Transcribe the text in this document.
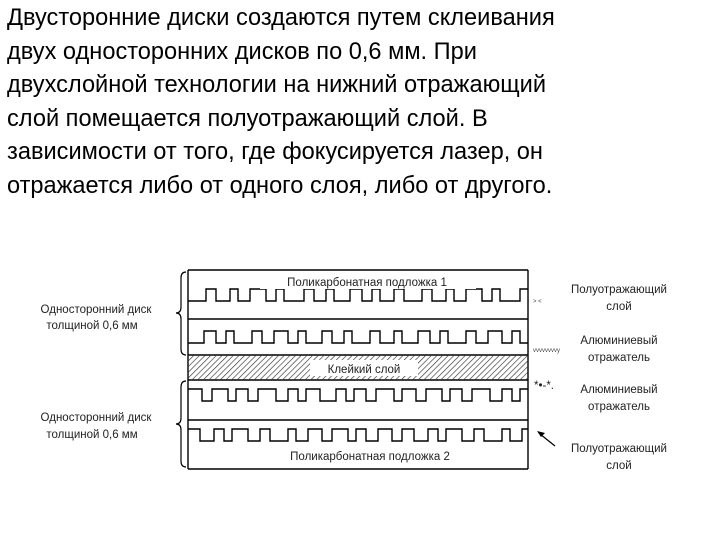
Двусторонние диски создаются путем склеивания
двух односторонних дисков по 0,6 мм. При
двухслойной технологии на нижний отражающий
слой помещается полуотражающий слой. В
зависимости от того, где фокусируется лазер, он
отражается либо от одного слоя, либо от другого.
Поликарбонатная подложка 1
Клейкий слой
Поликарбонатная подложка 2
Односторонний диск
толщиной 0,6 мм
Односторонний диск
толщиной 0,6 мм
Полуотражающий
слой
Алюминиевый
отражатель
Алюминиевый
отражатель
Полуотражающий
слой
> <
vvvvvvvvy
*•-*.
